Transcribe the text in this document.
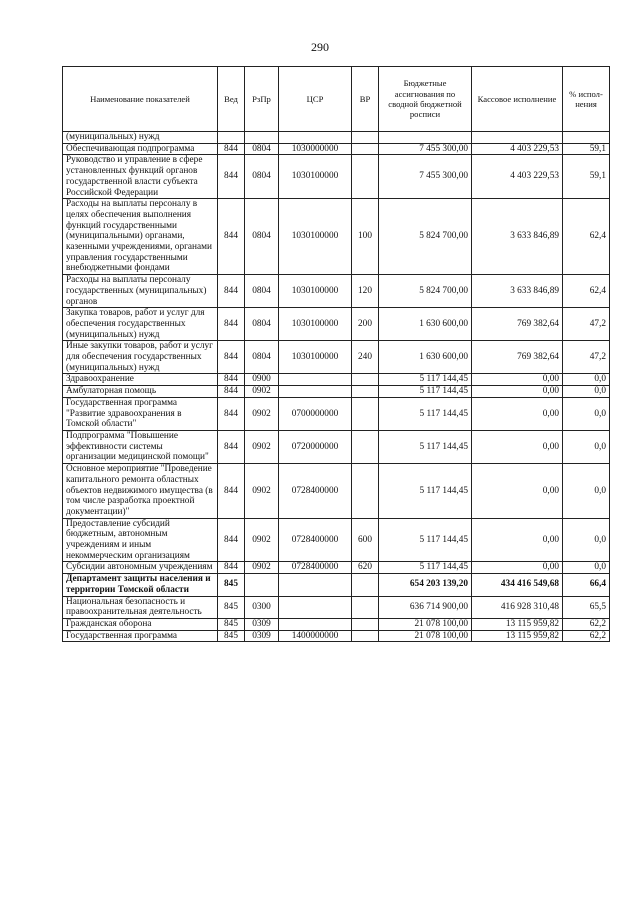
290
Наименование показателей	Вед	РзПр	ЦСР	ВР	Бюджетные ассигнования по сводной бюджетной росписи	Кассовое исполнение	% испол-нения
(муниципальных) нужд							
Обеспечивающая подпрограмма	844	0804	1030000000		7 455 300,00	4 403 229,53	59,1
Руководство и управление в сфере установленных функций органов государственной власти субъекта Российской Федерации	844	0804	1030100000		7 455 300,00	4 403 229,53	59,1
Расходы на выплаты персоналу в целях обеспечения выполнения функций государственными (муниципальными) органами, казенными учреждениями, органами управления государственными внебюджетными фондами	844	0804	1030100000	100	5 824 700,00	3 633 846,89	62,4
Расходы на выплаты персоналу государственных (муниципальных) органов	844	0804	1030100000	120	5 824 700,00	3 633 846,89	62,4
Закупка товаров, работ и услуг для обеспечения государственных (муниципальных) нужд	844	0804	1030100000	200	1 630 600,00	769 382,64	47,2
Иные закупки товаров, работ и услуг для обеспечения государственных (муниципальных) нужд	844	0804	1030100000	240	1 630 600,00	769 382,64	47,2
Здравоохранение	844	0900			5 117 144,45	0,00	0,0
Амбулаторная помощь	844	0902			5 117 144,45	0,00	0,0
Государственная программа "Развитие здравоохранения в Томской области"	844	0902	0700000000		5 117 144,45	0,00	0,0
Подпрограмма "Повышение эффективности системы организации медицинской помощи"	844	0902	0720000000		5 117 144,45	0,00	0,0
Основное мероприятие "Проведение капитального ремонта областных объектов недвижимого имущества (в том числе разработка проектной документации)"	844	0902	0728400000		5 117 144,45	0,00	0,0
Предоставление субсидий бюджетным, автономным учреждениям и иным некоммерческим организациям	844	0902	0728400000	600	5 117 144,45	0,00	0,0
Субсидии автономным учреждениям	844	0902	0728400000	620	5 117 144,45	0,00	0,0
Департамент защиты населения и территории Томской области	845				654 203 139,20	434 416 549,68	66,4
Национальная безопасность и правоохранительная деятельность	845	0300			636 714 900,00	416 928 310,48	65,5
Гражданская оборона	845	0309			21 078 100,00	13 115 959,82	62,2
Государственная программа	845	0309	1400000000		21 078 100,00	13 115 959,82	62,2
